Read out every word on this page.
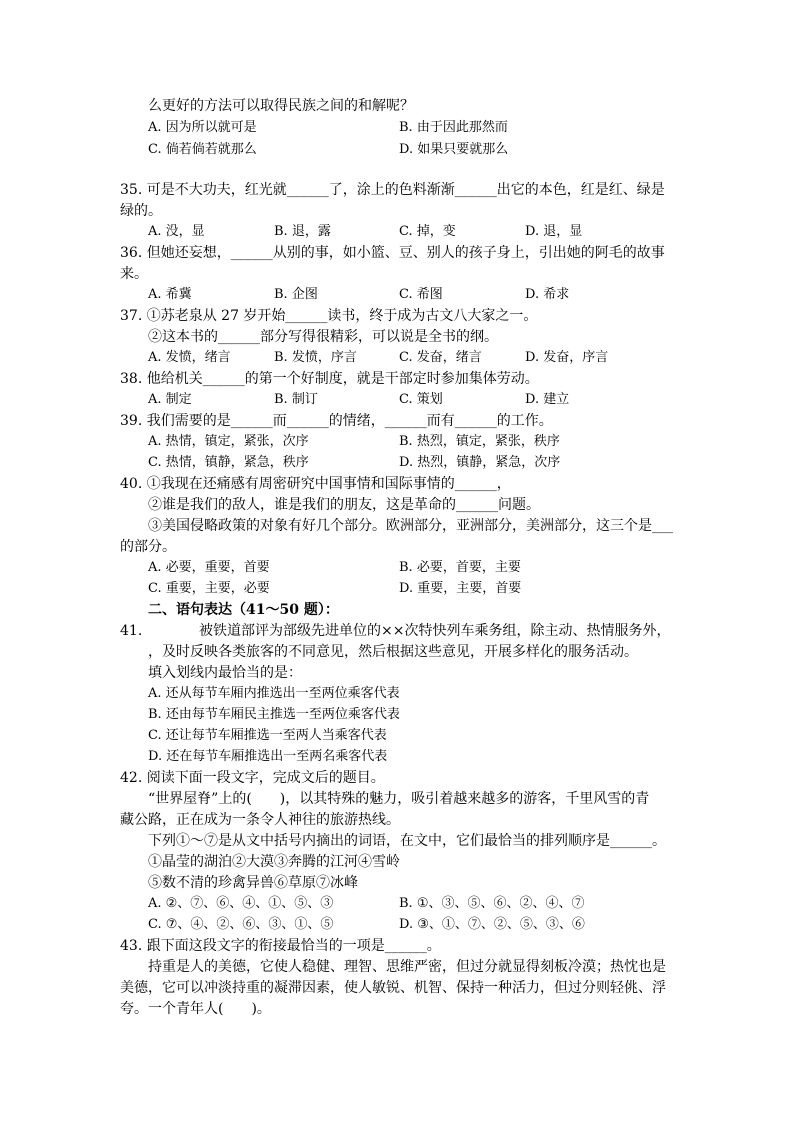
么更好的方法可以取得民族之间的和解呢？
A. 因为所以就可是	B. 由于因此那然而
C. 倘若倘若就那么	D. 如果只要就那么
35. 可是不大功夫，红光就______了，涂上的色料渐渐______出它的本色，红是红、绿是
绿的。
A. 没，显	B. 退，露	C. 掉，变	D. 退，显
36. 但她还妄想，______从别的事，如小篮、豆、别人的孩子身上，引出她的阿毛的故事
来。
A. 希冀	B. 企图	C. 希图	D. 希求
37. ①苏老泉从 27 岁开始______读书，终于成为古文八大家之一。
②这本书的______部分写得很精彩，可以说是全书的纲。
A. 发愤，绪言	B. 发愤，序言	C. 发奋，绪言	D. 发奋，序言
38. 他给机关______的第一个好制度，就是干部定时参加集体劳动。
A. 制定	B. 制订	C. 策划	D. 建立
39. 我们需要的是______而______的情绪，______而有______的工作。
A. 热情，镇定，紧张，次序	B. 热烈，镇定，紧张，秩序
C. 热情，镇静，紧急，秩序	D. 热烈，镇静，紧急，次序
40. ①我现在还痛感有周密研究中国事情和国际事情的______，
②谁是我们的敌人，谁是我们的朋友，这是革命的______问题。
③美国侵略政策的对象有好几个部分。欧洲部分，亚洲部分，美洲部分，这三个是___
的部分。
A. 必要，重要，首要	B. 必要，首要，主要
C. 重要，主要，必要	D. 重要，主要，首要
二、语句表达（41～50 题）：
41.	被铁道部评为部级先进单位的××次特快列车乘务组，除主动、热情服务外，
，及时反映各类旅客的不同意见，然后根据这些意见，开展多样化的服务活动。
填入划线内最恰当的是：
A. 还从每节车厢内推选出一至两位乘客代表
B. 还由每节车厢民主推选一至两位乘客代表
C. 还让每节车厢推选一至两人当乘客代表
D. 还在每节车厢推选出一至两名乘客代表
42. 阅读下面一段文字，完成文后的题目。
“世界屋脊”上的(　　)，以其特殊的魅力，吸引着越来越多的游客，千里风雪的青
藏公路，正在成为一条令人神往的旅游热线。
下列①～⑦是从文中括号内摘出的词语，在文中，它们最恰当的排列顺序是______。
①晶莹的湖泊②大漠③奔腾的江河④雪岭
⑤数不清的珍禽异兽⑥草原⑦冰峰
A. ②、⑦、⑥、④、①、⑤、③	B. ①、③、⑤、⑥、②、④、⑦
C. ⑦、④、②、⑥、③、①、⑤	D. ③、①、⑦、②、⑤、③、⑥
43. 跟下面这段文字的衔接最恰当的一项是______。
持重是人的美德，它使人稳健、理智、思维严密，但过分就显得刻板冷漠；热忱也是
美德，它可以冲淡持重的凝滞因素，使人敏锐、机智、保持一种活力，但过分则轻佻、浮
夸。一个青年人(　　)。
